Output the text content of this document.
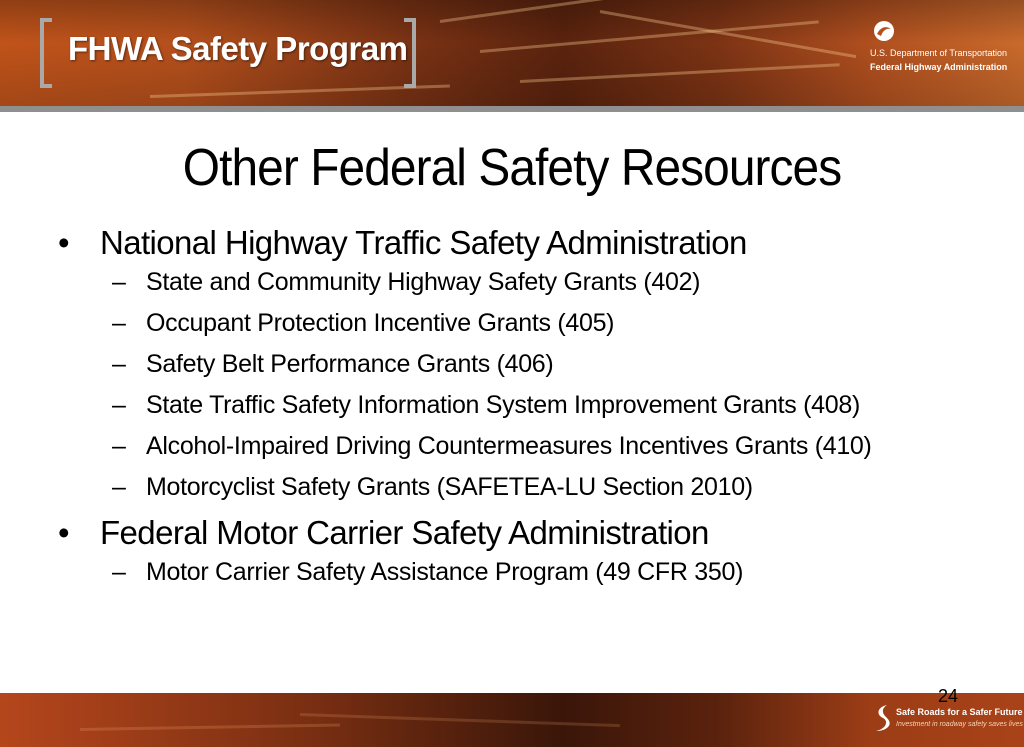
FHWA Safety Program	U.S. Department of Transportation
Federal Highway Administration
Other Federal Safety Resources
• National Highway Traffic Safety Administration
– State and Community Highway Safety Grants (402)
– Occupant Protection Incentive Grants (405)
– Safety Belt Performance Grants (406)
– State Traffic Safety Information System Improvement Grants (408)
– Alcohol-Impaired Driving Countermeasures Incentives Grants (410)
– Motorcyclist Safety Grants (SAFETEA-LU Section 2010)
• Federal Motor Carrier Safety Administration
– Motor Carrier Safety Assistance Program (49 CFR 350)
24
Safe Roads for a Safer Future
Investment in roadway safety saves lives
